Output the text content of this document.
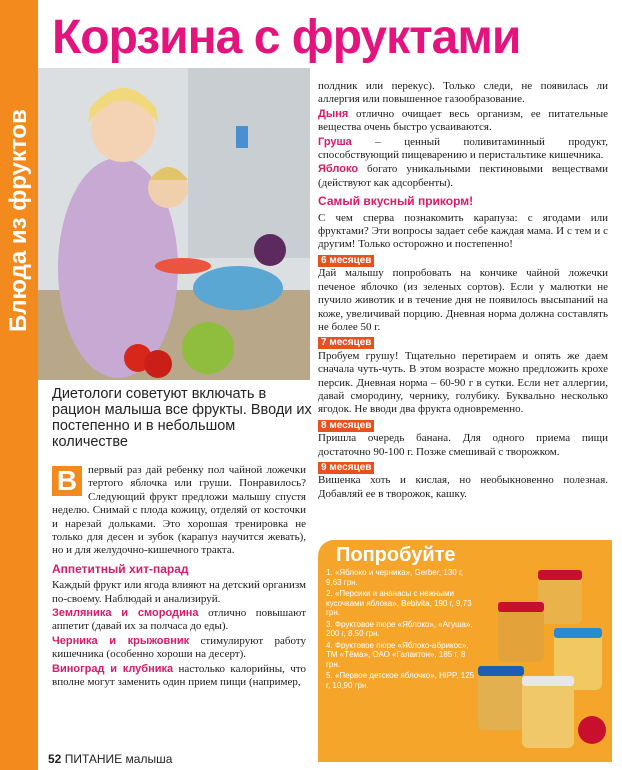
Блюда из фруктов
Корзина с фруктами
Диетологи советуют включать в рацион малыша все фрукты. Вводи их постепенно и в небольшом количестве

В первый раз дай ребенку пол чайной ложечки тертого яблочка или груши. Понравилось? Следующий фрукт предложи малышу спустя неделю. Снимай с плода кожицу, отделяй от косточки и нарезай дольками. Это хорошая тренировка не только для десен и зубок (карапуз научится жевать), но и для желудочно-кишечного тракта.

Аппетитный хит-парад

Каждый фрукт или ягода влияют на детский организм по-своему. Наблюдай и анализируй.

Земляника и смородина отлично повышают аппетит (давай их за полчаса до еды).

Черника и крыжовник стимулируют работу кишечника (особенно хороши на десерт).

Виноград и клубника настолько калорийны, что вполне могут заменить один прием пищи (например,

полдник или перекус). Только следи, не появилась ли аллергия или повышенное газообразование.

Дыня отлично очищает весь организм, ее питательные вещества очень быстро усваиваются.

Груша – ценный поливитаминный продукт, способствующий пищеварению и перистальтике кишечника.

Яблоко богато уникальными пектиновыми веществами (действуют как адсорбенты).

Самый вкусный прикорм!

С чем сперва познакомить карапуза: с ягодами или фруктами? Эти вопросы задает себе каждая мама. И с тем и с другим! Только осторожно и постепенно!

6 месяцев

Дай малышу попробовать на кончике чайной ложечки печеное яблочко (из зеленых сортов). Если у малютки не пучило животик и в течение дня не появилось высыпаний на коже, увеличивай порцию. Дневная норма должна составлять не более 50 г.

7 месяцев

Пробуем грушу! Тщательно перетираем и опять же даем сначала чуть-чуть. В этом возрасте можно предложить крохе персик. Дневная норма – 60-90 г в сутки. Если нет аллергии, давай смородину, чернику, голубику. Буквально несколько ягодок. Не вводи два фрукта одновременно.

8 месяцев

Пришла очередь банана. Для одного приема пищи достаточно 90-100 г. Позже смешивай с творожком.

9 месяцев

Вишенка хоть и кислая, но необыкновенно полезная. Добавляй ее в творожок, кашку.

Попробуйте
1. «Яблоко и черника», Gerber, 130 г, 9,63 грн.
2. «Персики и ананасы с нежными кусочками яблока», Bebivita, 190 г, 9,73 грн.
3. Фруктовое пюре «Яблоко», «Агуша», 200 г, 8,50 грн.
4. Фруктовое пюре «Яблоко-абрикос», ТМ «Тёма», ОАО «Галактон», 185 г, 8 грн.
5. «Первое детское яблочко», HiPP, 125 г, 10,90 грн.
52 ПИТАНИЕ малыша
